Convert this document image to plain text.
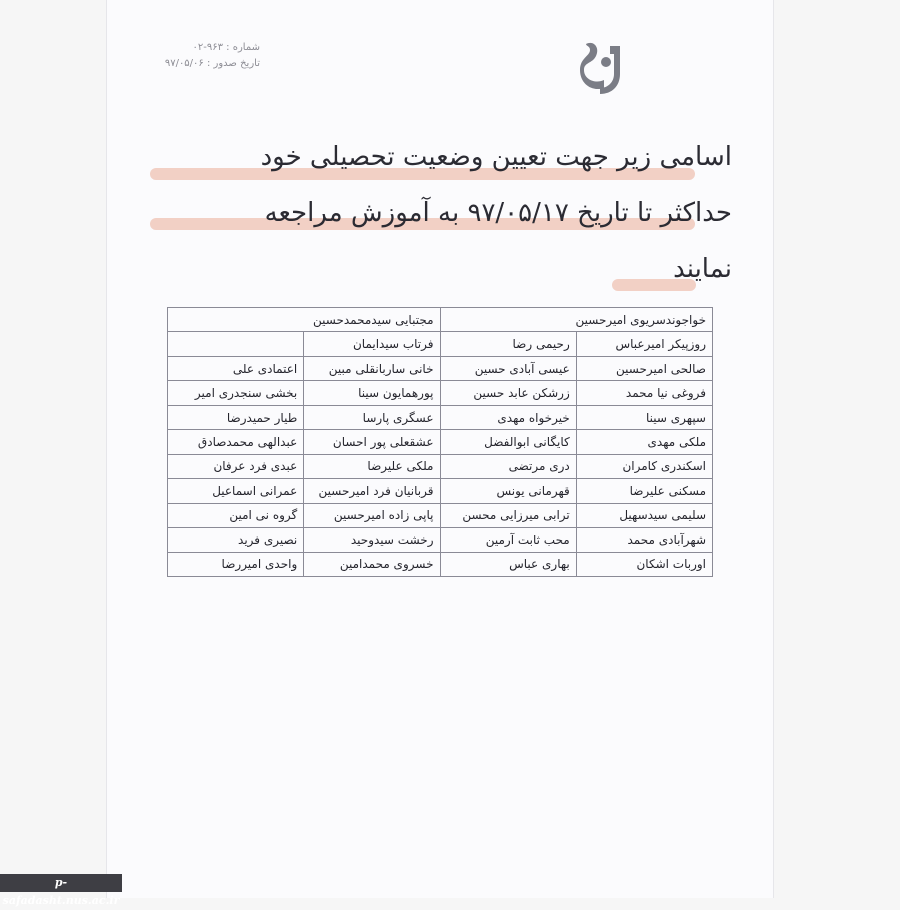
شماره : ۹۶۳-۰۲
تاریخ صدور : ۹۷/۰۵/۰۶
اسامی زیر جهت تعیین وضعیت تحصیلی خود
حداکثر تا تاریخ ۹۷/۰۵/۱۷ به آموزش مراجعه
نمایند
خواجوندسریوی امیرحسین		مجتبایی سیدمحمدحسین	
روزپیکر امیرعباس	رحیمی رضا	فرتاب سیدایمان	
صالحی امیرحسین	عیسی آبادی حسین	خانی ساربانقلی مبین	اعتمادی علی
فروغی نیا محمد	زرشکن عابد حسین	پورهمایون سینا	بخشی سنجدری امیر
سپهری سینا	خیرخواه مهدی	عسگری پارسا	طیار حمیدرضا
ملکی مهدی	کایگانی ابوالفضل	عشقعلی پور احسان	عبدالهی محمدصادق
اسکندری کامران	دری مرتضی	ملکی علیرضا	عبدی فرد عرفان
مسکنی علیرضا	قهرمانی یونس	قربانیان فرد امیرحسین	عمرانی اسماعیل
سلیمی سیدسهیل	ترابی میرزایی محسن	پاپی زاده امیرحسین	گروه نی امین
شهرآبادی محمد	محب ثابت آرمین	رخشت سیدوحید	نصیری فرید
اوربات اشکان	بهاری عباس	خسروی محمدامین	واحدی امیررضا
p-safadasht.nus.ac.ir
